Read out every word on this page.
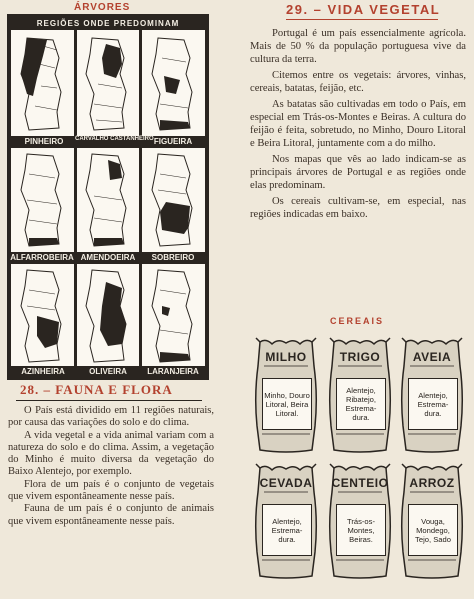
ÁRVORES
REGIÕES ONDE PREDOMINAM
PINHEIRO	CARVALHO CASTANHEIRO FIGUEIRA
ALFARROBEIRA AMENDOEIRA	SOBREIRO
AZINHEIRA	OLIVEIRA	LARANJEIRA
28. – FAUNA E FLORA

O País está dividido em 11 regiões naturais, por causa das variações do solo e do clima.

A vida vegetal e a vida animal variam com a natureza do solo e do clima. Assim, a vegetação do Minho é muito diversa da vegetação do Baixo Alentejo, por exemplo.

Flora de um país é o conjunto de vegetais que vivem espontâneamente nesse país.

Fauna de um país é o conjunto de animais que vivem espontâneamente nesse país.

29. – VIDA VEGETAL

Portugal é um país essencialmente agrícola. Mais de 50 % da população portuguesa vive da cultura da terra.

Citemos entre os vegetais: árvores, vinhas, cereais, batatas, feijão, etc.

As batatas são cultivadas em todo o País, em especial em Trás-os-Montes e Beiras. A cultura do feijão é feita, sobretudo, no Minho, Douro Litoral e Beira Litoral, juntamente com a do milho.

Nos mapas que vês ao lado indicam-se as principais árvores de Portugal e as regiões onde elas predominam.

Os cereais cultivam-se, em especial, nas regiões indicadas em baixo.

CEREAIS
MILHO
Minho, Douro Litoral, Beira Litoral.
TRIGO
Alentejo, Ribatejo, Estrema-dura.
AVEIA
Alentejo, Estrema-dura.
CEVADA
Alentejo, Estrema-dura.
CENTEIO
Trás-os-Montes, Beiras.
ARROZ
Vouga, Mondego, Tejo, Sado
